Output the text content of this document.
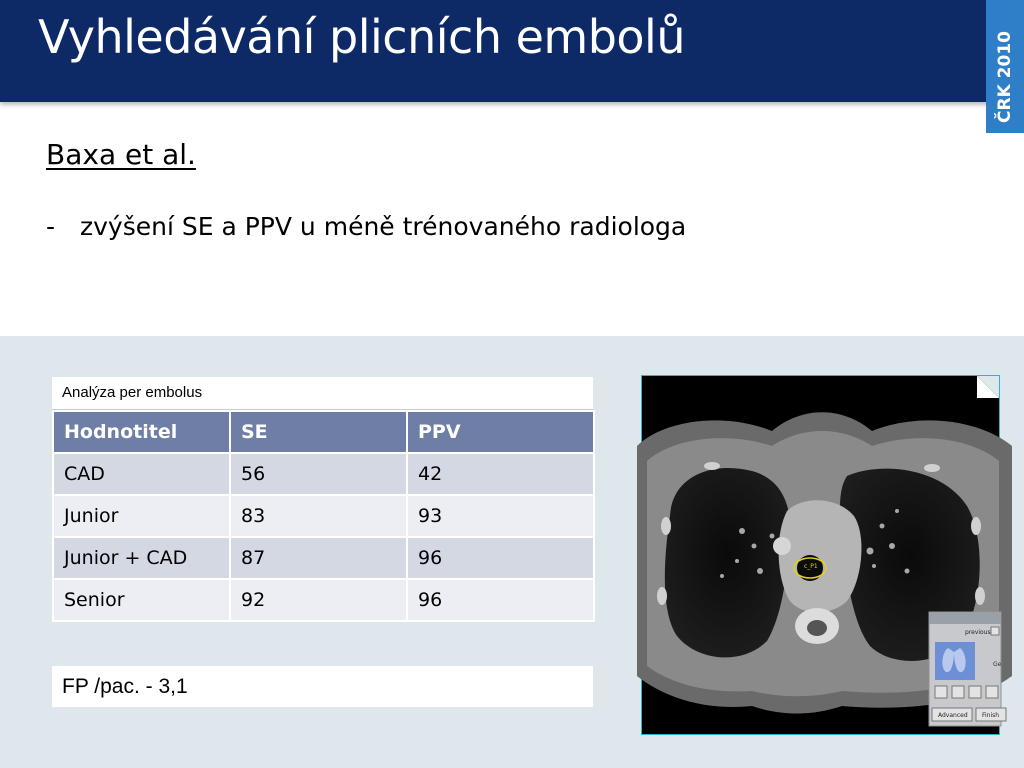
Vyhledávání plicních embolů	ČRK 2010
Baxa et al.
- zvýšení SE a PPV u méně trénovaného radiologa
Analýza per embolus
Hodnotitel	SE	PPV
CAD	56	42
Junior	83	93
Junior + CAD	87	96
Senior	92	96
FP /pac. - 3,1
c_P1
previous
Ge
Advanced Finish
